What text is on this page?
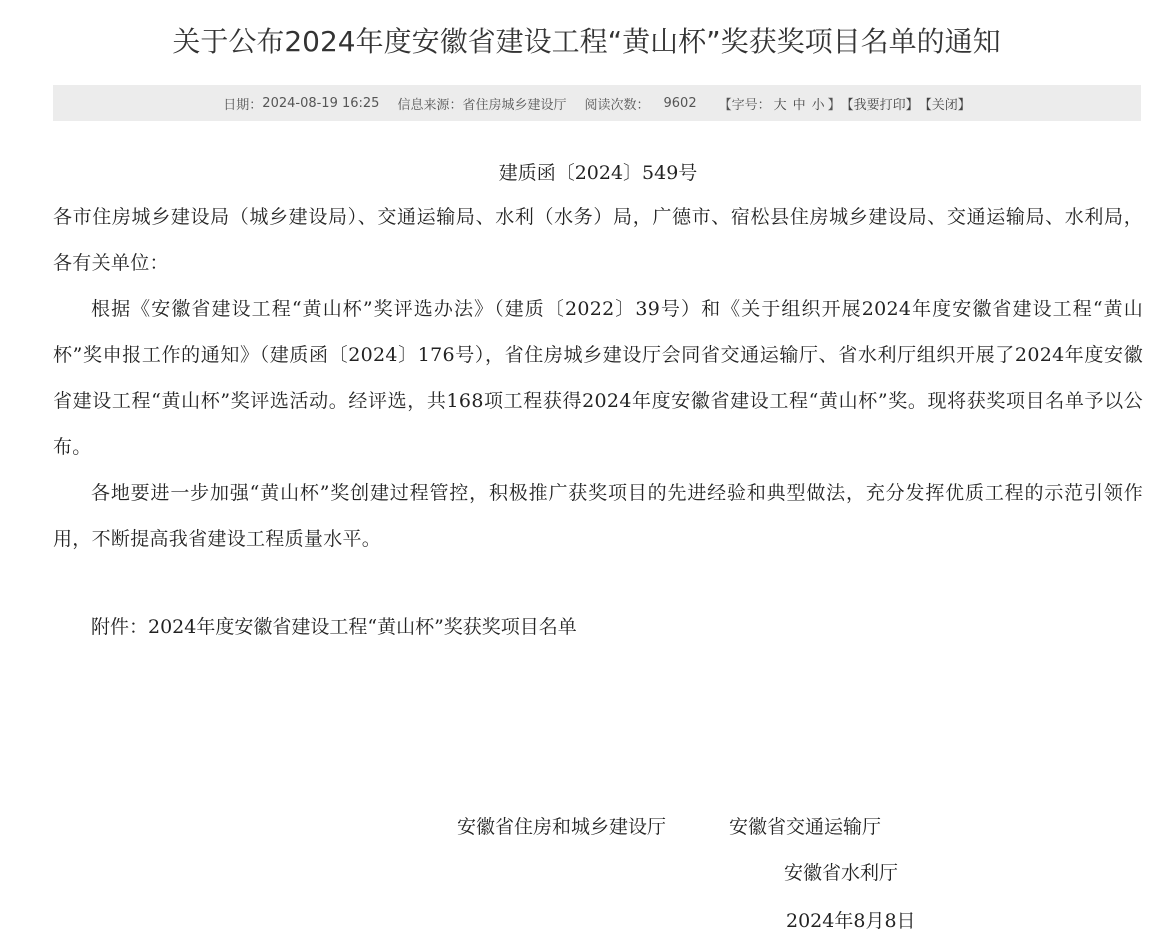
关于公布2024年度安徽省建设工程“黄山杯”奖获奖项目名单的通知
日期： 2024-08-19 16:25 信息来源： 省住房城乡建设厅 阅读次数： 9602 【字号： 大 中 小 】 【我要打印】 【关闭】

建质函〔2024〕549号

各市住房城乡建设局（城乡建设局）、交通运输局、水利（水务）局，广德市、宿松县住房城乡建设局、交通运输局、水利局，各有关单位：

根据《安徽省建设工程“黄山杯”奖评选办法》（建质〔2022〕39号）和《关于组织开展2024年度安徽省建设工程“黄山杯”奖申报工作的通知》（建质函〔2024〕176号），省住房城乡建设厅会同省交通运输厅、省水利厅组织开展了2024年度安徽省建设工程“黄山杯”奖评选活动。经评选，共168项工程获得2024年度安徽省建设工程“黄山杯”奖。现将获奖项目名单予以公布。

各地要进一步加强“黄山杯”奖创建过程管控，积极推广获奖项目的先进经验和典型做法，充分发挥优质工程的示范引领作用，不断提高我省建设工程质量水平。

附件：2024年度安徽省建设工程“黄山杯”奖获奖项目名单

安徽省住房和城乡建设厅	安徽省交通运输厅
安徽省水利厅
2024年8月8日
